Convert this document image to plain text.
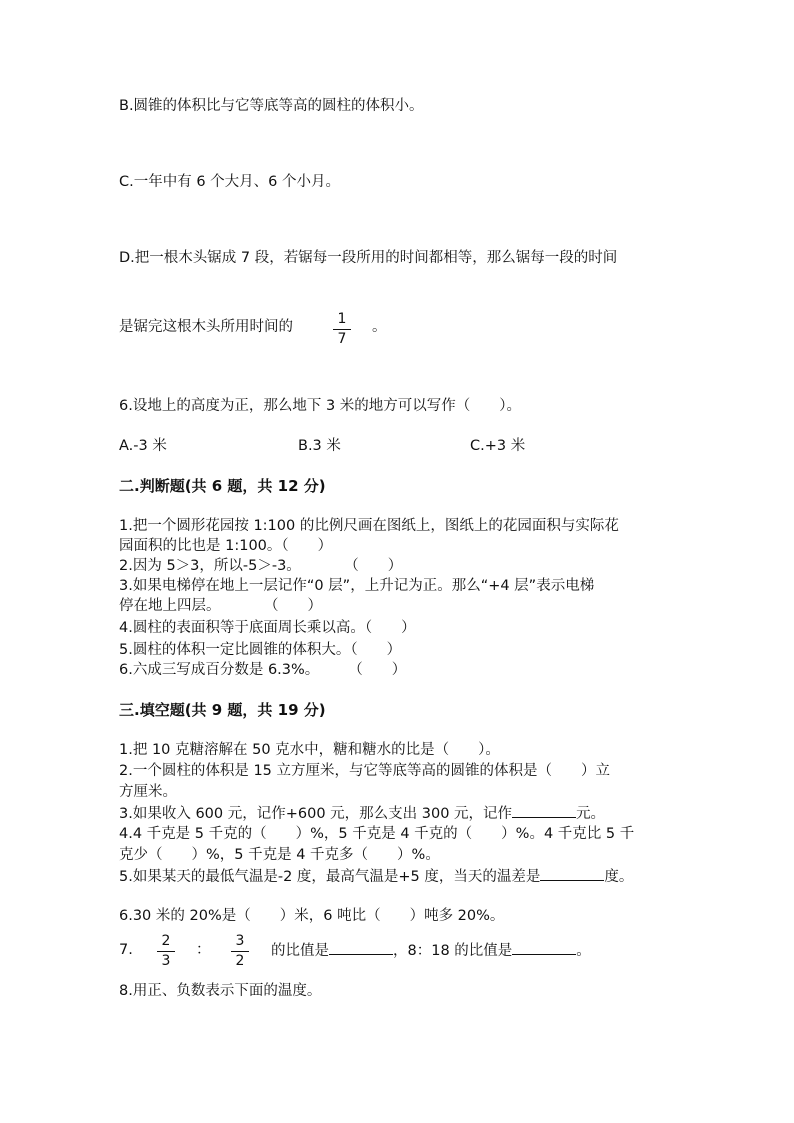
B.圆锥的体积比与它等底等高的圆柱的体积小。
C.一年中有 6 个大月、6 个小月。
D.把一根木头锯成 7 段，若锯每一段所用的时间都相等，那么锯每一段的时间
是锯完这根木头所用时间的	1
7
。
6.设地上的高度为正，那么地下 3 米的地方可以写作（　　）。
A.-3 米	B.3 米	C.+3 米
二.判断题(共 6 题，共 12 分)
1.把一个圆形花园按 1:100 的比例尺画在图纸上，图纸上的花园面积与实际花
园面积的比也是 1:100。（　　）
2.因为 5＞3，所以-5＞-3。　　　　（　　）
3.如果电梯停在地上一层记作“0 层”，上升记为正。那么“+4 层”表示电梯
停在地上四层。　　　　（　　）
4.圆柱的表面积等于底面周长乘以高。（　　）
5.圆柱的体积一定比圆锥的体积大。（　　）
6.六成三写成百分数是 6.3%。　　　（　　）
三.填空题(共 9 题，共 19 分)
1.把 10 克糖溶解在 50 克水中，糖和糖水的比是（　　）。
2.一个圆柱的体积是 15 立方厘米，与它等底等高的圆锥的体积是（　　）立
方厘米。
3.如果收入 600 元，记作+600 元，那么支出 300 元，记作	元。
4.4 千克是 5 千克的（　　）%，5 千克是 4 千克的（　　）%。4 千克比 5 千
克少（　　）%，5 千克是 4 千克多（　　）%。
5.如果某天的最低气温是-2 度，最高气温是+5 度，当天的温差是	度。
6.30 米的 20%是（　　）米，6 吨比（　　）吨多 20%。
7.
2
3
：
3
2
的比值是	，8：18 的比值是	。
8.用正、负数表示下面的温度。
